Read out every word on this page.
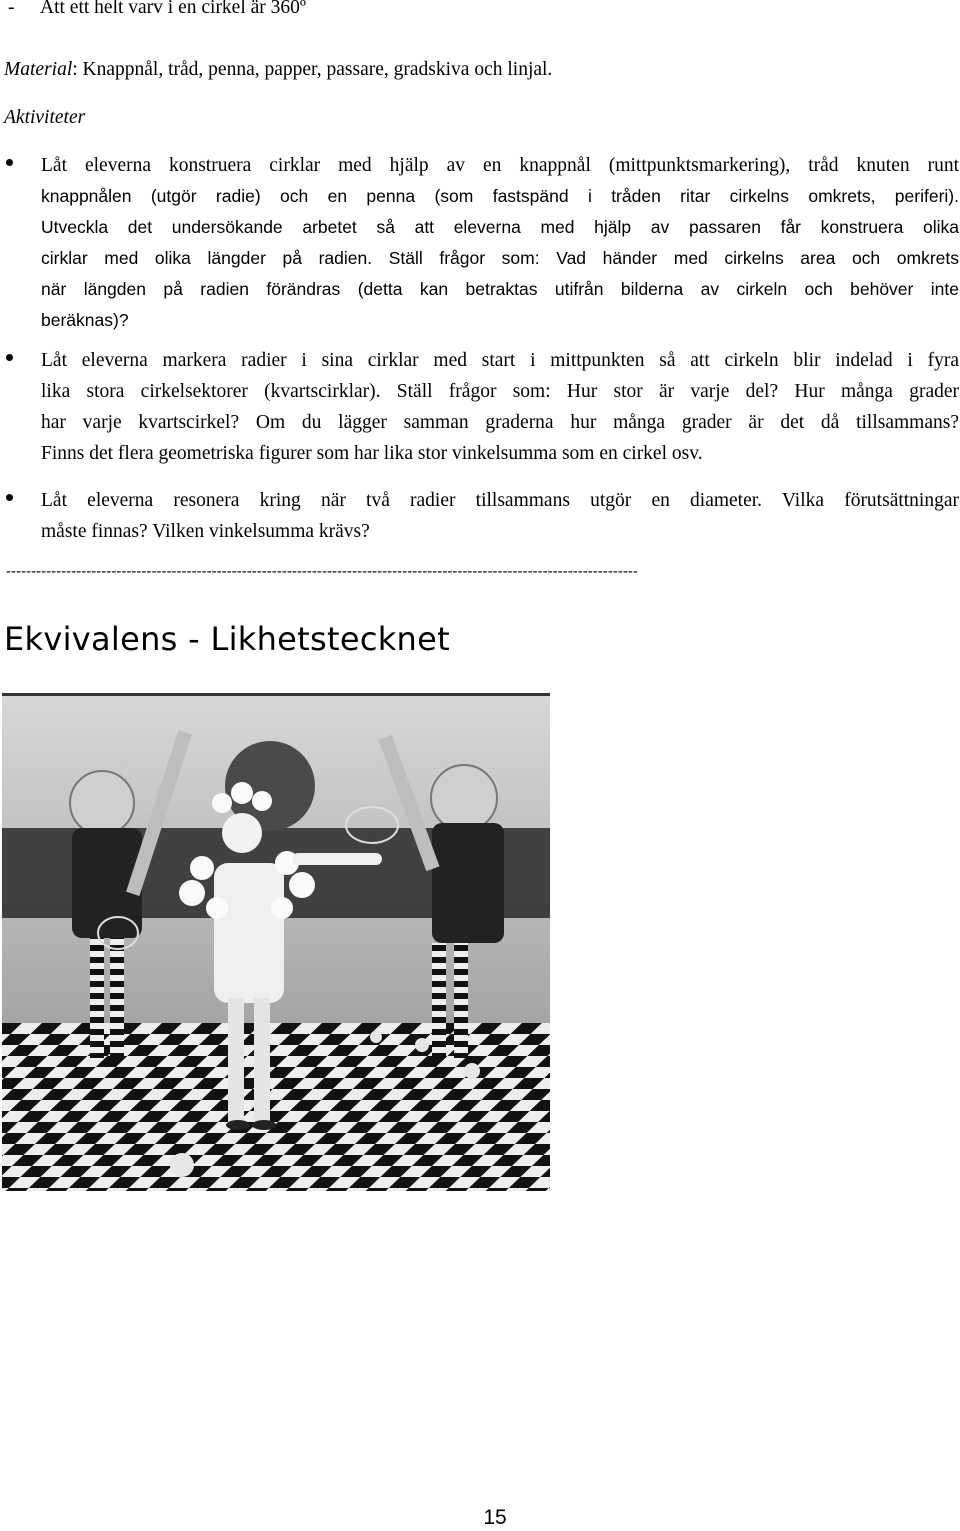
- Att ett helt varv i en cirkel är 360º
Material: Knappnål, tråd, penna, papper, passare, gradskiva och linjal.
Aktiviteter
Låt eleverna konstruera cirklar med hjälp av en knappnål (mittpunktsmarkering), tråd knuten runt
knappnålen (utgör radie) och en penna (som fastspänd i tråden ritar cirkelns omkrets, periferi).
Utveckla det undersökande arbetet så att eleverna med hjälp av passaren får konstruera olika
cirklar med olika längder på radien. Ställ frågor som: Vad händer med cirkelns area och omkrets
när längden på radien förändras (detta kan betraktas utifrån bilderna av cirkeln och behöver inte
beräknas)?
Låt eleverna markera radier i sina cirklar med start i mittpunkten så att cirkeln blir indelad i fyra
lika stora cirkelsektorer (kvartscirklar). Ställ frågor som: Hur stor är varje del? Hur många grader
har varje kvartscirkel? Om du lägger samman graderna hur många grader är det då tillsammans?
Finns det flera geometriska figurer som har lika stor vinkelsumma som en cirkel osv.
Låt eleverna resonera kring när två radier tillsammans utgör en diameter. Vilka förutsättningar
måste finnas? Vilken vinkelsumma krävs?
------------------------------------------------------------------------------------------------------------------------------
Ekvivalens - Likhetstecknet
15
